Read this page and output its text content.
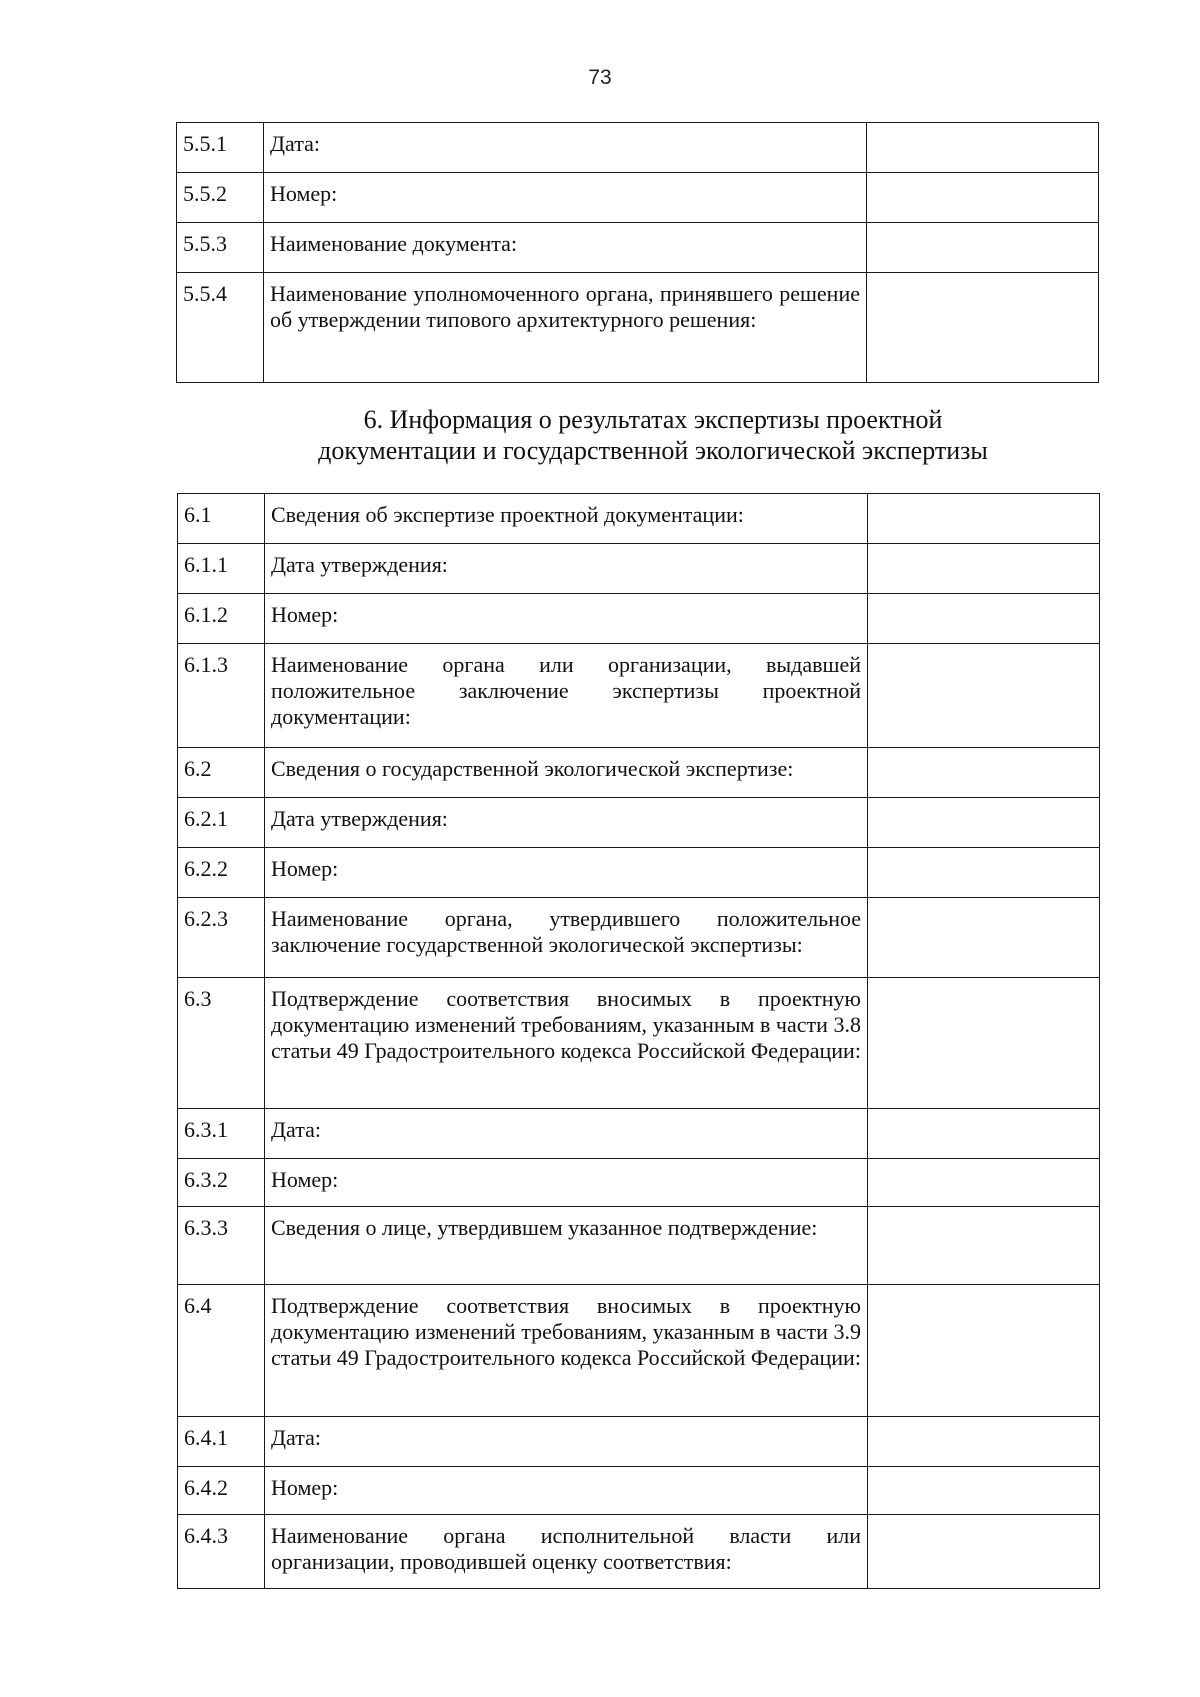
73
5.5.1	Дата:	
5.5.2	Номер:	
5.5.3	Наименование документа:	
5.5.4	Наименование уполномоченного органа, принявшего решение об утверждении типового архитектурного решения:	
6. Информация о результатах экспертизы проектной
документации и государственной экологической экспертизы
6.1	Сведения об экспертизе проектной документации:	
6.1.1	Дата утверждения:	
6.1.2	Номер:	
6.1.3	Наименование органа или организации, выдавшей положительное заключение экспертизы проектной документации:	
6.2	Сведения о государственной экологической экспертизе:	
6.2.1	Дата утверждения:	
6.2.2	Номер:	
6.2.3	Наименование органа, утвердившего положительное заключение государственной экологической экспертизы:	
6.3	Подтверждение соответствия вносимых в проектную документацию изменений требованиям, указанным в части 3.8 статьи 49 Градостроительного кодекса Российской Федерации:	
6.3.1	Дата:	
6.3.2	Номер:	
6.3.3	Сведения о лице, утвердившем указанное подтверждение:	
6.4	Подтверждение соответствия вносимых в проектную документацию изменений требованиям, указанным в части 3.9 статьи 49 Градостроительного кодекса Российской Федерации:	
6.4.1	Дата:	
6.4.2	Номер:	
6.4.3	Наименование органа исполнительной власти или организации, проводившей оценку соответствия:	
